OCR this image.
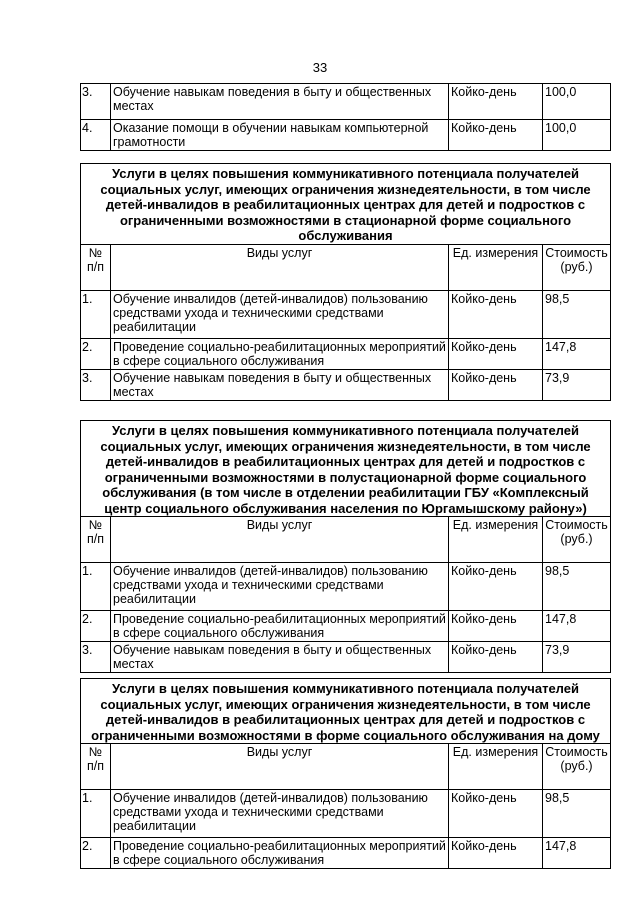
33
3.	Обучение навыкам поведения в быту и общественных местах	Койко-день	100,0
4.	Оказание помощи в обучении навыкам компьютерной грамотности	Койко-день	100,0
Услуги в целях повышения коммуникативного потенциала получателей социальных услуг, имеющих ограничения жизнедеятельности, в том числе детей-инвалидов в реабилитационных центрах для детей и подростков с ограниченными возможностями в стационарной форме социального обслуживания			
№ п/п	Виды услуг	Ед. измерения	Стоимость (руб.)
1.	Обучение инвалидов (детей-инвалидов) пользованию средствами ухода и техническими средствами реабилитации	Койко-день	98,5
2.	Проведение социально-реабилитационных мероприятий в сфере социального обслуживания	Койко-день	147,8
3.	Обучение навыкам поведения в быту и общественных местах	Койко-день	73,9
Услуги в целях повышения коммуникативного потенциала получателей социальных услуг, имеющих ограничения жизнедеятельности, в том числе детей-инвалидов в реабилитационных центрах для детей и подростков с ограниченными возможностями в полустационарной форме социального обслуживания (в том числе в отделении реабилитации ГБУ «Комплексный центр социального обслуживания населения по Юргамышскому району»)			
№ п/п	Виды услуг	Ед. измерения	Стоимость (руб.)
1.	Обучение инвалидов (детей-инвалидов) пользованию средствами ухода и техническими средствами реабилитации	Койко-день	98,5
2.	Проведение социально-реабилитационных мероприятий в сфере социального обслуживания	Койко-день	147,8
3.	Обучение навыкам поведения в быту и общественных местах	Койко-день	73,9
Услуги в целях повышения коммуникативного потенциала получателей социальных услуг, имеющих ограничения жизнедеятельности, в том числе детей-инвалидов в реабилитационных центрах для детей и подростков с ограниченными возможностями в форме социального обслуживания на дому			
№ п/п	Виды услуг	Ед. измерения	Стоимость (руб.)
1.	Обучение инвалидов (детей-инвалидов) пользованию средствами ухода и техническими средствами реабилитации	Койко-день	98,5
2.	Проведение социально-реабилитационных мероприятий в сфере социального обслуживания	Койко-день	147,8
